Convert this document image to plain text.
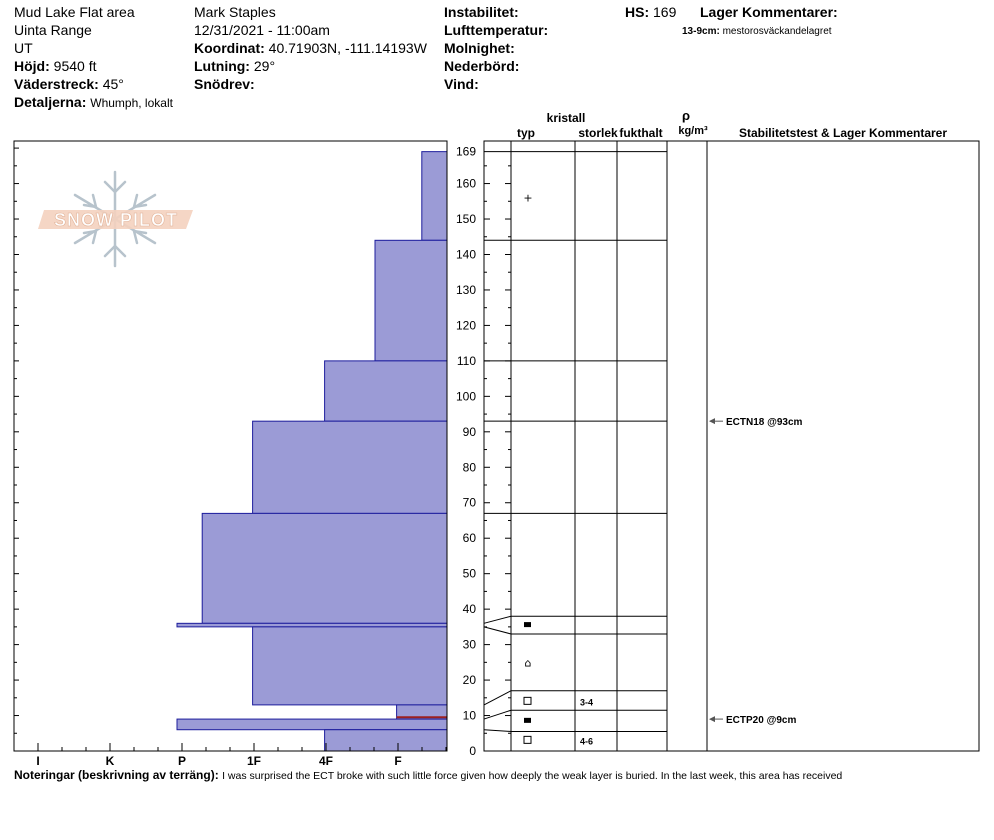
Mud Lake Flat area
Uinta Range
UT
Höjd: 9540 ft
Väderstreck: 45°
Detaljerna: Whumph, lokalt
Mark Staples
12/31/2021 - 11:00am
Koordinat: 40.71903N, -111.14193W
Lutning: 29°
Snödrev:
Instabilitet:
Lufttemperatur:
Molnighet:
Nederbörd:
Vind:
HS: 169 Lager Kommentarer:
13-9cm: mestorosväckandelagret
SNOW PILOT
I	K	P	1F	4F	F
0
10
20
30
40
50
60
70
80
90
100
110
120
130
140
150
160
169
+
⌂
3-4
4-6
ECTN18 @93cm
ECTP20 @9cm
kristall
typ	storlek fukthalt
ρ
kg/m³	Stabilitetstest & Lager Kommentarer
Noteringar (beskrivning av terräng): I was surprised the ECT broke with such little force given how deeply the weak layer is buried. In the last week, this area has received
